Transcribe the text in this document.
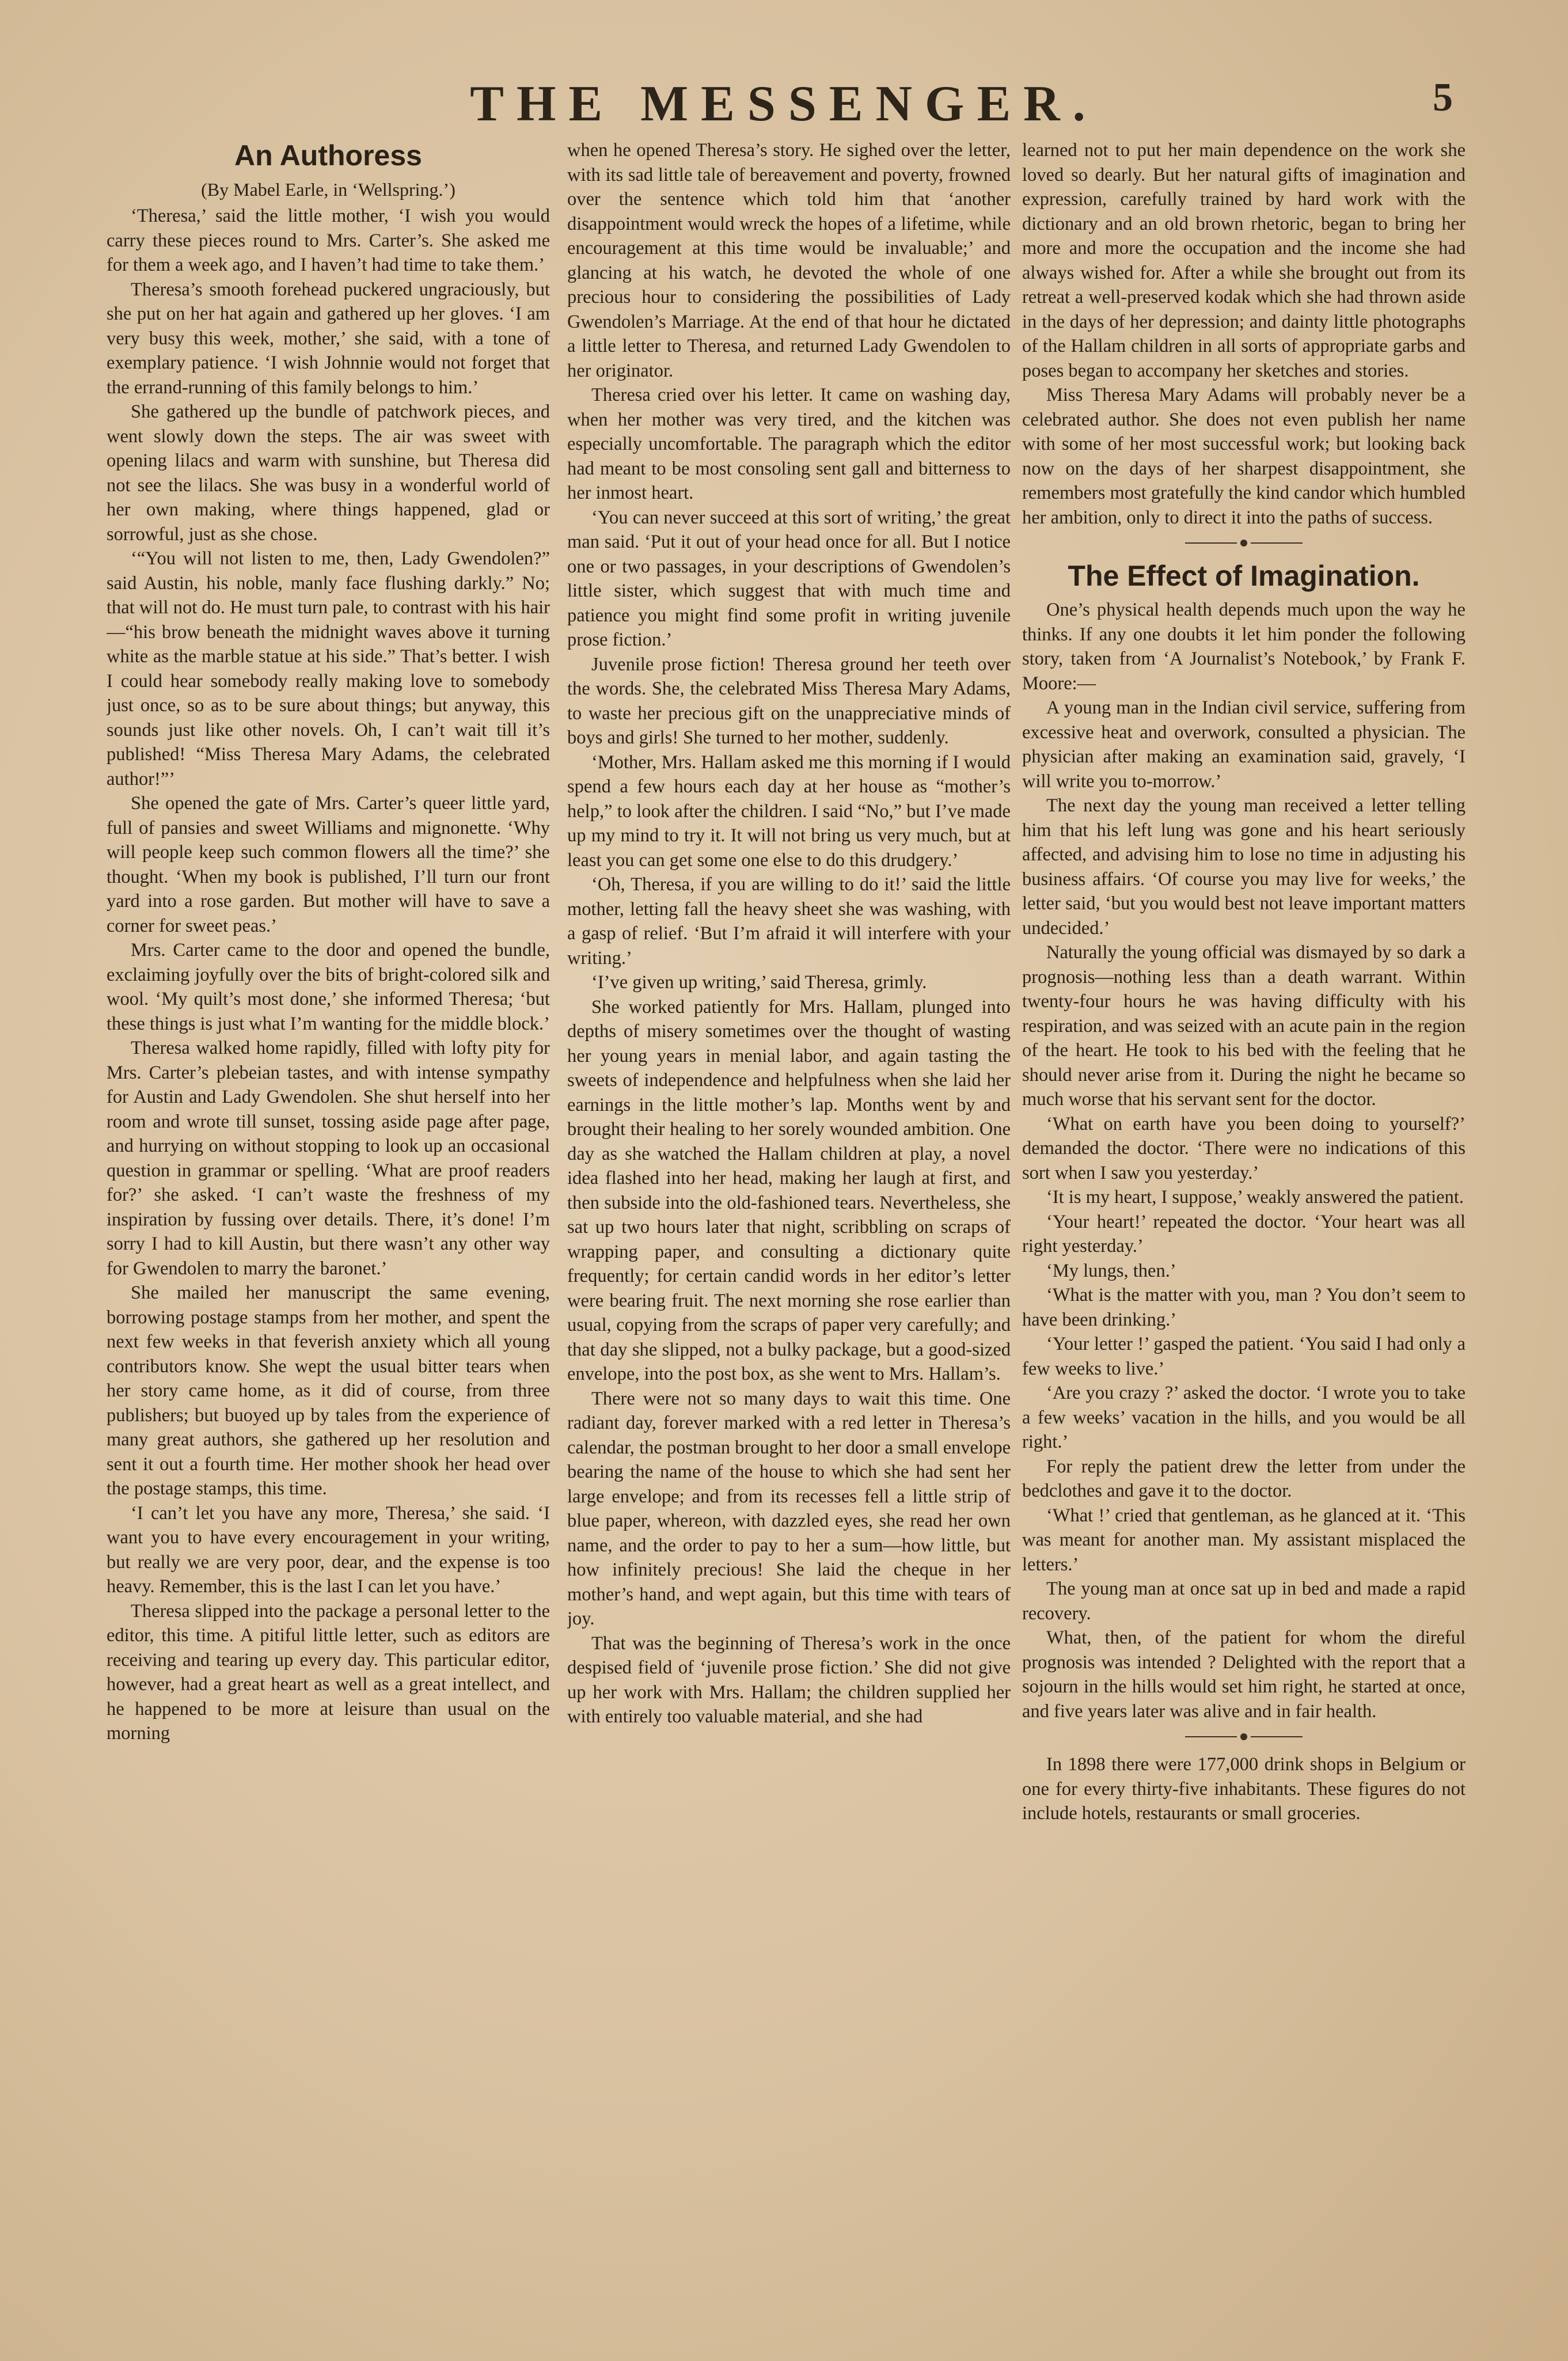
THE MESSENGER.	5
An Authoress
(By Mabel Earle, in ‘Wellspring.’)

‘Theresa,’ said the little mother, ‘I wish you would carry these pieces round to Mrs. Carter’s. She asked me for them a week ago, and I haven’t had time to take them.’

Theresa’s smooth forehead puckered ungraciously, but she put on her hat again and gathered up her gloves. ‘I am very busy this week, mother,’ she said, with a tone of exemplary patience. ‘I wish Johnnie would not forget that the errand-running of this family belongs to him.’

She gathered up the bundle of patchwork pieces, and went slowly down the steps. The air was sweet with opening lilacs and warm with sunshine, but Theresa did not see the lilacs. She was busy in a wonderful world of her own making, where things happened, glad or sorrowful, just as she chose.

‘“You will not listen to me, then, Lady Gwendolen?” said Austin, his noble, manly face flushing darkly.” No; that will not do. He must turn pale, to contrast with his hair —“his brow beneath the midnight waves above it turning white as the marble statue at his side.” That’s better. I wish I could hear somebody really making love to somebody just once, so as to be sure about things; but anyway, this sounds just like other novels. Oh, I can’t wait till it’s published! “Miss Theresa Mary Adams, the celebrated author!”’

She opened the gate of Mrs. Carter’s queer little yard, full of pansies and sweet Williams and mignonette. ‘Why will people keep such common flowers all the time?’ she thought. ‘When my book is published, I’ll turn our front yard into a rose garden. But mother will have to save a corner for sweet peas.’

Mrs. Carter came to the door and opened the bundle, exclaiming joyfully over the bits of bright-colored silk and wool. ‘My quilt’s most done,’ she informed Theresa; ‘but these things is just what I’m wanting for the middle block.’

Theresa walked home rapidly, filled with lofty pity for Mrs. Carter’s plebeian tastes, and with intense sympathy for Austin and Lady Gwendolen. She shut herself into her room and wrote till sunset, tossing aside page after page, and hurrying on without stopping to look up an occasional question in grammar or spelling. ‘What are proof readers for?’ she asked. ‘I can’t waste the freshness of my inspiration by fussing over details. There, it’s done! I’m sorry I had to kill Austin, but there wasn’t any other way for Gwendolen to marry the baronet.’

She mailed her manuscript the same evening, borrowing postage stamps from her mother, and spent the next few weeks in that feverish anxiety which all young contributors know. She wept the usual bitter tears when her story came home, as it did of course, from three publishers; but buoyed up by tales from the experience of many great authors, she gathered up her resolution and sent it out a fourth time. Her mother shook her head over the postage stamps, this time.

‘I can’t let you have any more, Theresa,’ she said. ‘I want you to have every encouragement in your writing, but really we are very poor, dear, and the expense is too heavy. Remember, this is the last I can let you have.’

Theresa slipped into the package a personal letter to the editor, this time. A pitiful little letter, such as editors are receiving and tearing up every day. This particular editor, however, had a great heart as well as a great intellect, and he happened to be more at leisure than usual on the morning

when he opened Theresa’s story. He sighed over the letter, with its sad little tale of bereavement and poverty, frowned over the sentence which told him that ‘another disappointment would wreck the hopes of a lifetime, while encouragement at this time would be invaluable;’ and glancing at his watch, he devoted the whole of one precious hour to considering the possibilities of Lady Gwendolen’s Marriage. At the end of that hour he dictated a little letter to Theresa, and returned Lady Gwendolen to her originator.

Theresa cried over his letter. It came on washing day, when her mother was very tired, and the kitchen was especially uncomfortable. The paragraph which the editor had meant to be most consoling sent gall and bitterness to her inmost heart.

‘You can never succeed at this sort of writing,’ the great man said. ‘Put it out of your head once for all. But I notice one or two passages, in your descriptions of Gwendolen’s little sister, which suggest that with much time and patience you might find some profit in writing juvenile prose fiction.’

Juvenile prose fiction! Theresa ground her teeth over the words. She, the celebrated Miss Theresa Mary Adams, to waste her precious gift on the unappreciative minds of boys and girls! She turned to her mother, suddenly.

‘Mother, Mrs. Hallam asked me this morning if I would spend a few hours each day at her house as “mother’s help,” to look after the children. I said “No,” but I’ve made up my mind to try it. It will not bring us very much, but at least you can get some one else to do this drudgery.’

‘Oh, Theresa, if you are willing to do it!’ said the little mother, letting fall the heavy sheet she was washing, with a gasp of relief. ‘But I’m afraid it will interfere with your writing.’

‘I’ve given up writing,’ said Theresa, grimly.

She worked patiently for Mrs. Hallam, plunged into depths of misery sometimes over the thought of wasting her young years in menial labor, and again tasting the sweets of independence and helpfulness when she laid her earnings in the little mother’s lap. Months went by and brought their healing to her sorely wounded ambition. One day as she watched the Hallam children at play, a novel idea flashed into her head, making her laugh at first, and then subside into the old-fashioned tears. Nevertheless, she sat up two hours later that night, scribbling on scraps of wrapping paper, and consulting a dictionary quite frequently; for certain candid words in her editor’s letter were bearing fruit. The next morning she rose earlier than usual, copying from the scraps of paper very carefully; and that day she slipped, not a bulky package, but a good-sized envelope, into the post box, as she went to Mrs. Hallam’s.

There were not so many days to wait this time. One radiant day, forever marked with a red letter in Theresa’s calendar, the postman brought to her door a small envelope bearing the name of the house to which she had sent her large envelope; and from its recesses fell a little strip of blue paper, whereon, with dazzled eyes, she read her own name, and the order to pay to her a sum—how little, but how infinitely precious! She laid the cheque in her mother’s hand, and wept again, but this time with tears of joy.

That was the beginning of Theresa’s work in the once despised field of ‘juvenile prose fiction.’ She did not give up her work with Mrs. Hallam; the children supplied her with entirely too valuable material, and she had

learned not to put her main dependence on the work she loved so dearly. But her natural gifts of imagination and expression, carefully trained by hard work with the dictionary and an old brown rhetoric, began to bring her more and more the occupation and the income she had always wished for. After a while she brought out from its retreat a well-preserved kodak which she had thrown aside in the days of her depression; and dainty little photographs of the Hallam children in all sorts of appropriate garbs and poses began to accompany her sketches and stories.

Miss Theresa Mary Adams will probably never be a celebrated author. She does not even publish her name with some of her most successful work; but looking back now on the days of her sharpest disappointment, she remembers most gratefully the kind candor which humbled her ambition, only to direct it into the paths of success.

The Effect of Imagination.

One’s physical health depends much upon the way he thinks. If any one doubts it let him ponder the following story, taken from ‘A Journalist’s Notebook,’ by Frank F. Moore:—

A young man in the Indian civil service, suffering from excessive heat and overwork, consulted a physician. The physician after making an examination said, gravely, ‘I will write you to-morrow.’

The next day the young man received a letter telling him that his left lung was gone and his heart seriously affected, and advising him to lose no time in adjusting his business affairs. ‘Of course you may live for weeks,’ the letter said, ‘but you would best not leave important matters undecided.’

Naturally the young official was dismayed by so dark a prognosis—nothing less than a death warrant. Within twenty-four hours he was having difficulty with his respiration, and was seized with an acute pain in the region of the heart. He took to his bed with the feeling that he should never arise from it. During the night he became so much worse that his servant sent for the doctor.

‘What on earth have you been doing to yourself?’ demanded the doctor. ‘There were no indications of this sort when I saw you yesterday.’

‘It is my heart, I suppose,’ weakly answered the patient.

‘Your heart!’ repeated the doctor. ‘Your heart was all right yesterday.’

‘My lungs, then.’

‘What is the matter with you, man ? You don’t seem to have been drinking.’

‘Your letter !’ gasped the patient. ‘You said I had only a few weeks to live.’

‘Are you crazy ?’ asked the doctor. ‘I wrote you to take a few weeks’ vacation in the hills, and you would be all right.’

For reply the patient drew the letter from under the bedclothes and gave it to the doctor.

‘What !’ cried that gentleman, as he glanced at it. ‘This was meant for another man. My assistant misplaced the letters.’

The young man at once sat up in bed and made a rapid recovery.

What, then, of the patient for whom the direful prognosis was intended ? Delighted with the report that a sojourn in the hills would set him right, he started at once, and five years later was alive and in fair health.

In 1898 there were 177,000 drink shops in Belgium or one for every thirty-five inhabitants. These figures do not include hotels, restaurants or small groceries.
